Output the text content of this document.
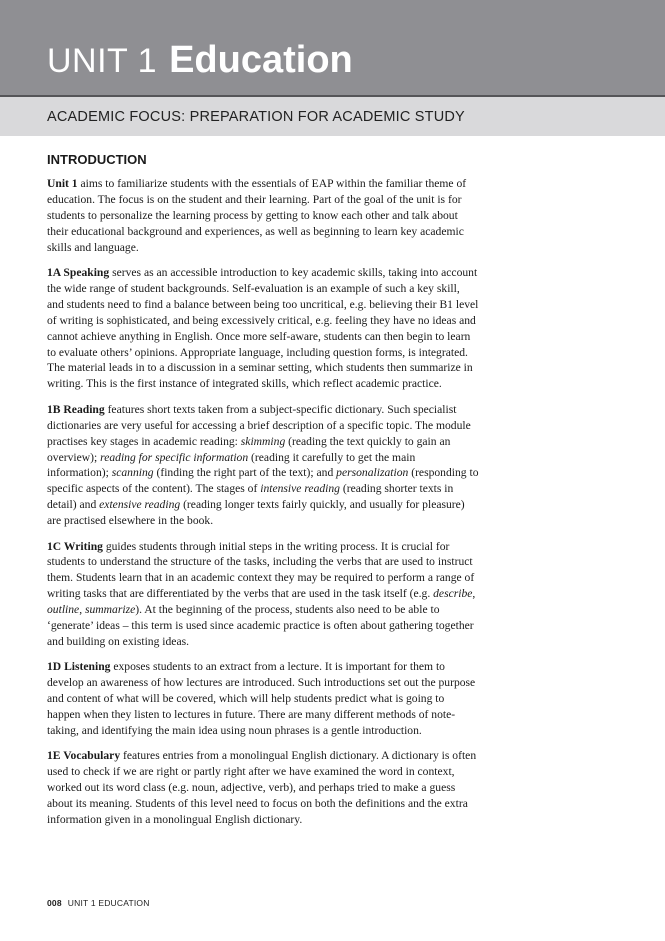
UNIT 1 Education
ACADEMIC FOCUS: PREPARATION FOR ACADEMIC STUDY
INTRODUCTION

Unit 1 aims to familiarize students with the essentials of EAP within the familiar theme of education. The focus is on the student and their learning. Part of the goal of the unit is for students to personalize the learning process by getting to know each other and talk about their educational background and experiences, as well as beginning to learn key academic skills and language.

1A Speaking serves as an accessible introduction to key academic skills, taking into account the wide range of student backgrounds. Self-evaluation is an example of such a key skill, and students need to find a balance between being too uncritical, e.g. believing their B1 level of writing is sophisticated, and being excessively critical, e.g. feeling they have no ideas and cannot achieve anything in English. Once more self-aware, students can then begin to learn to evaluate others’ opinions. Appropriate language, including question forms, is integrated. The material leads in to a discussion in a seminar setting, which students then summarize in writing. This is the first instance of integrated skills, which reflect academic practice.

1B Reading features short texts taken from a subject-specific dictionary. Such specialist dictionaries are very useful for accessing a brief description of a specific topic. The module practises key stages in academic reading: skimming (reading the text quickly to gain an overview); reading for specific information (reading it carefully to get the main information); scanning (finding the right part of the text); and personalization (responding to specific aspects of the content). The stages of intensive reading (reading shorter texts in detail) and extensive reading (reading longer texts fairly quickly, and usually for pleasure) are practised elsewhere in the book.

1C Writing guides students through initial steps in the writing process. It is crucial for students to understand the structure of the tasks, including the verbs that are used to instruct them. Students learn that in an academic context they may be required to perform a range of writing tasks that are differentiated by the verbs that are used in the task itself (e.g. describe, outline, summarize). At the beginning of the process, students also need to be able to ‘generate’ ideas – this term is used since academic practice is often about gathering together and building on existing ideas.

1D Listening exposes students to an extract from a lecture. It is important for them to develop an awareness of how lectures are introduced. Such introductions set out the purpose and content of what will be covered, which will help students predict what is going to happen when they listen to lectures in future. There are many different methods of note-taking, and identifying the main idea using noun phrases is a gentle introduction.

1E Vocabulary features entries from a monolingual English dictionary. A dictionary is often used to check if we are right or partly right after we have examined the word in context, worked out its word class (e.g. noun, adjective, verb), and perhaps tried to make a guess about its meaning. Students of this level need to focus on both the definitions and the extra information given in a monolingual English dictionary.

008 UNIT 1 EDUCATION
